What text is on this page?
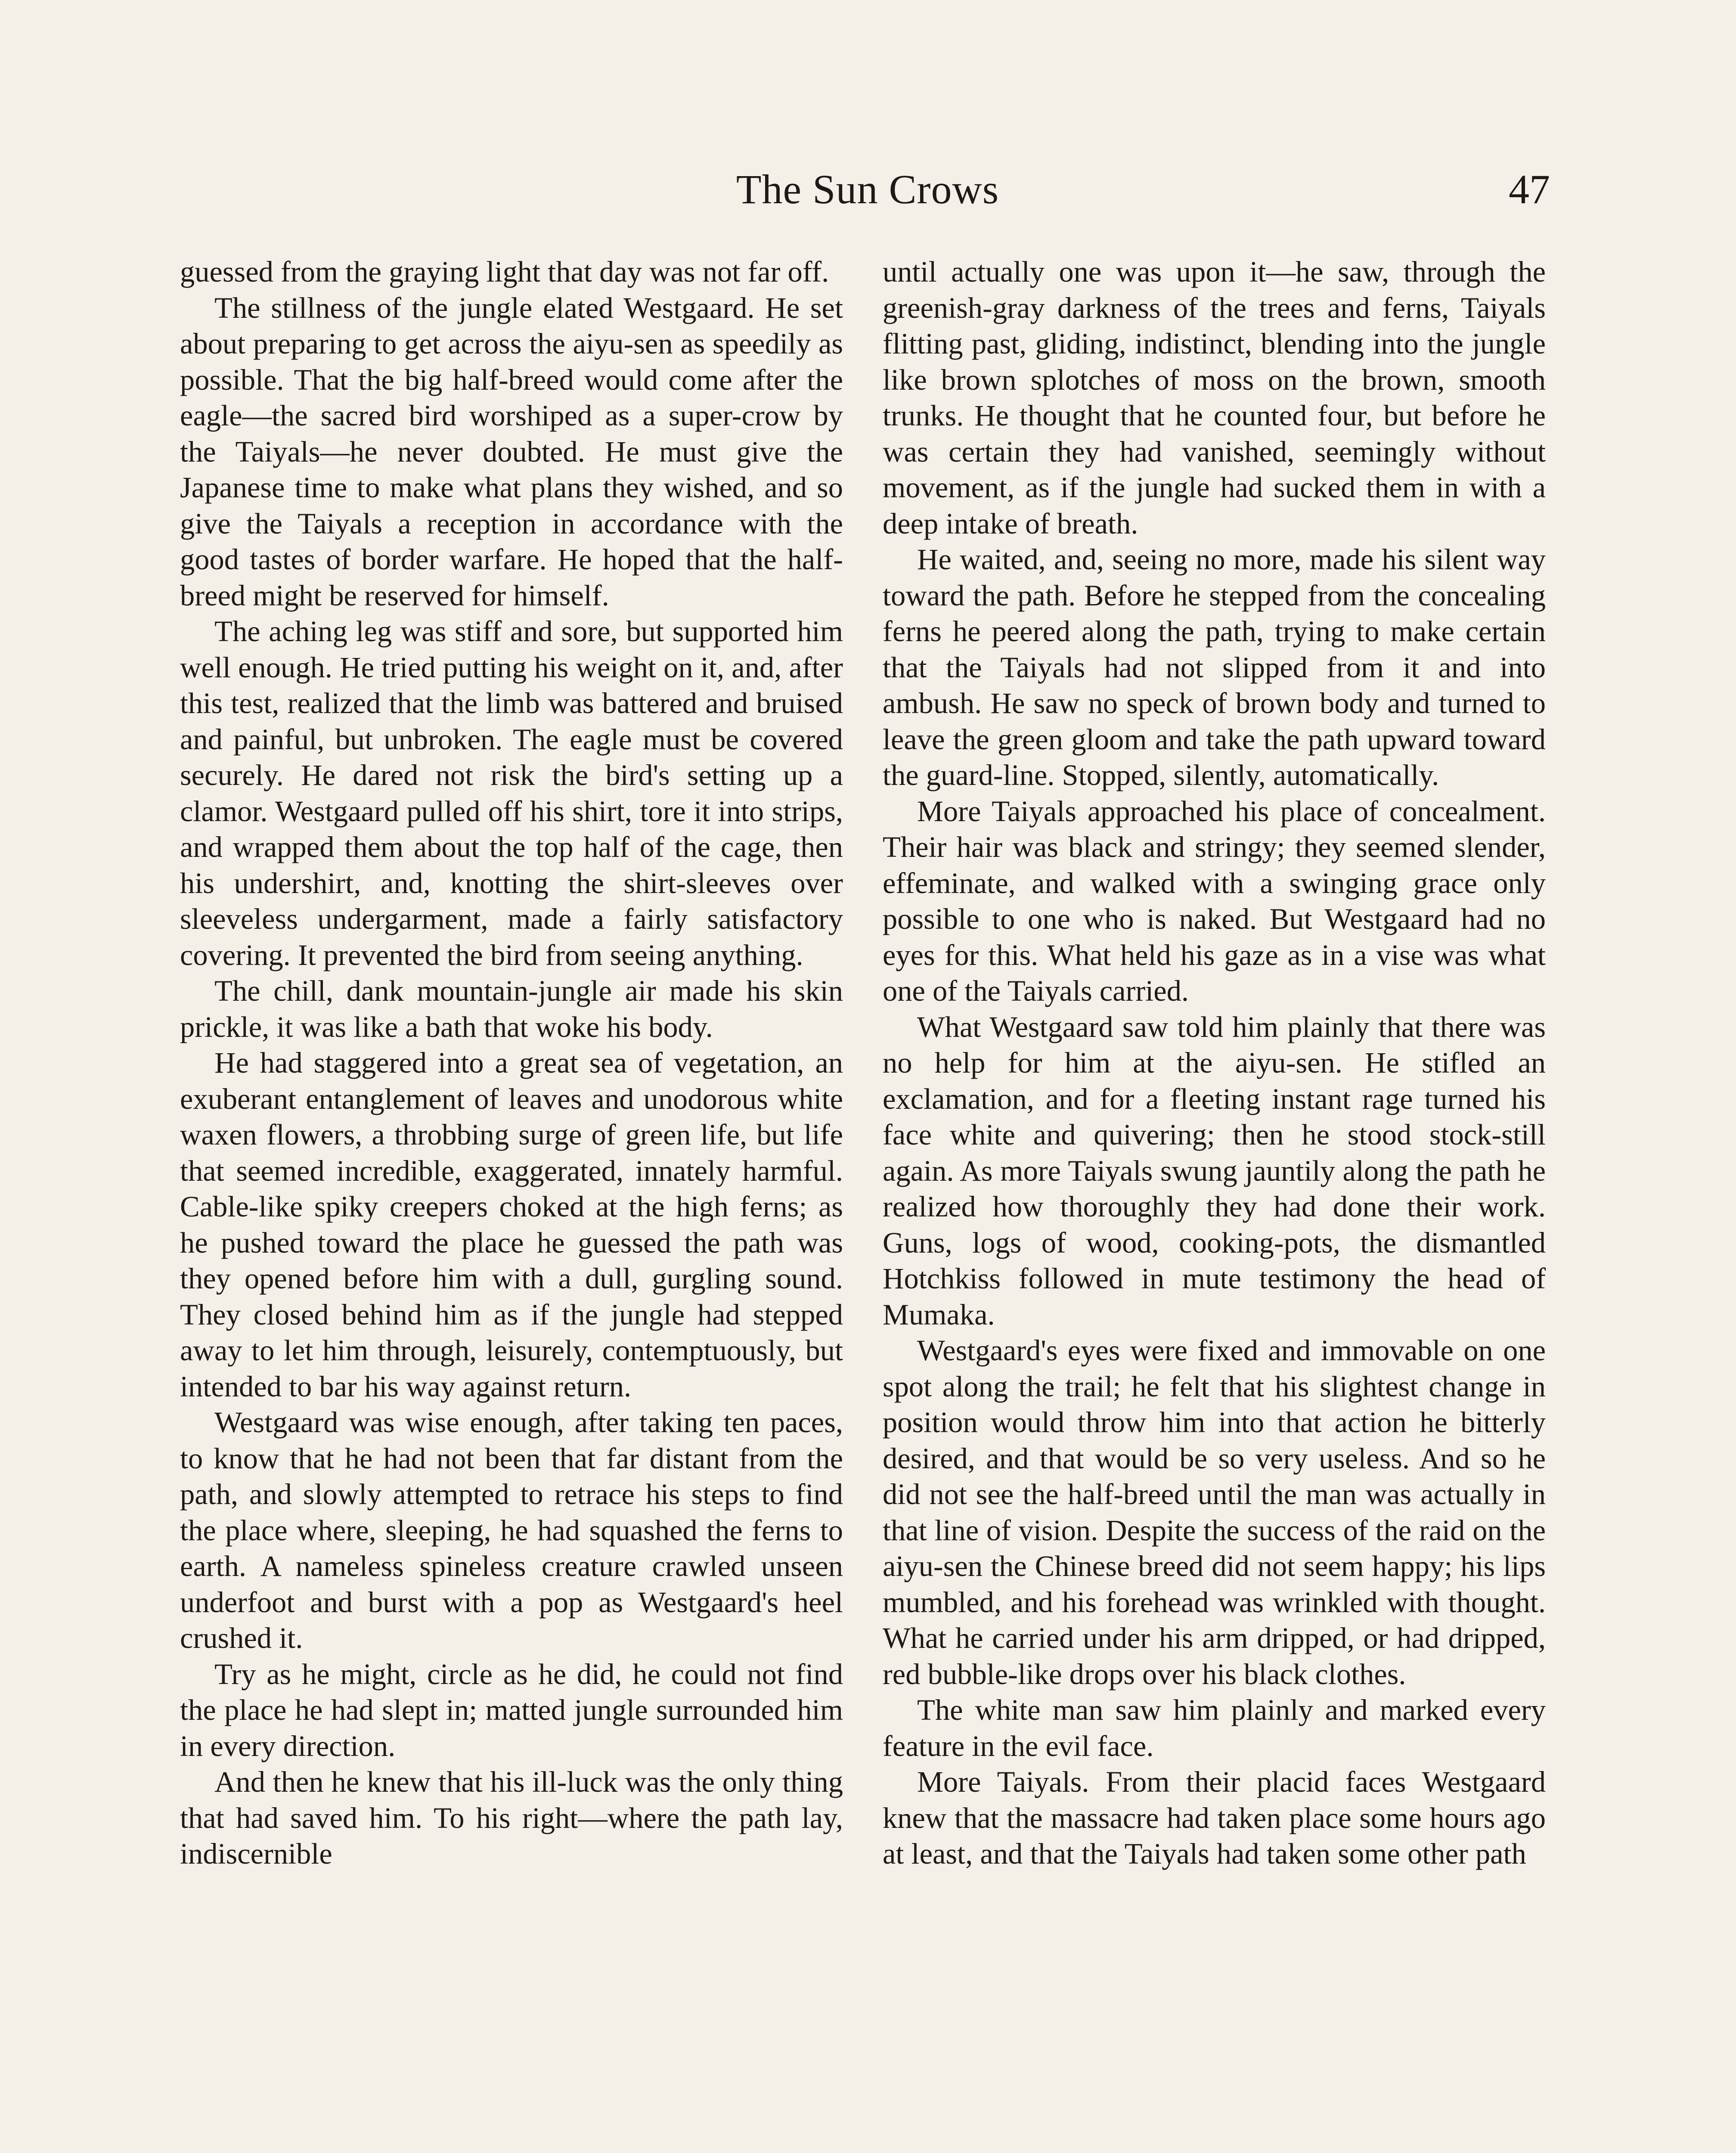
The Sun Crows	47

guessed from the graying light that day was not far off.

The stillness of the jungle elated Westgaard. He set about preparing to get across the aiyu-sen as speedily as possible. That the big half-breed would come after the eagle—the sacred bird worshiped as a super-crow by the Taiyals—he never doubted. He must give the Japanese time to make what plans they wished, and so give the Taiyals a reception in accordance with the good tastes of border warfare. He hoped that the half-breed might be reserved for himself.

The aching leg was stiff and sore, but supported him well enough. He tried putting his weight on it, and, after this test, realized that the limb was battered and bruised and painful, but unbroken. The eagle must be covered securely. He dared not risk the bird's setting up a clamor. Westgaard pulled off his shirt, tore it into strips, and wrapped them about the top half of the cage, then his undershirt, and, knotting the shirt-sleeves over sleeveless undergarment, made a fairly satisfactory covering. It prevented the bird from seeing anything.

The chill, dank mountain-jungle air made his skin prickle, it was like a bath that woke his body.

He had staggered into a great sea of vegetation, an exuberant entanglement of leaves and unodorous white waxen flowers, a throbbing surge of green life, but life that seemed incredible, exaggerated, innately harmful. Cable-like spiky creepers choked at the high ferns; as he pushed toward the place he guessed the path was they opened before him with a dull, gurgling sound. They closed behind him as if the jungle had stepped away to let him through, leisurely, contemptuously, but intended to bar his way against return.

Westgaard was wise enough, after taking ten paces, to know that he had not been that far distant from the path, and slowly attempted to retrace his steps to find the place where, sleeping, he had squashed the ferns to earth. A nameless spineless creature crawled unseen underfoot and burst with a pop as Westgaard's heel crushed it.

Try as he might, circle as he did, he could not find the place he had slept in; matted jungle surrounded him in every direction.

And then he knew that his ill-luck was the only thing that had saved him. To his right—where the path lay, indiscernible

until actually one was upon it—he saw, through the greenish-gray darkness of the trees and ferns, Taiyals flitting past, gliding, indistinct, blending into the jungle like brown splotches of moss on the brown, smooth trunks. He thought that he counted four, but before he was certain they had vanished, seemingly without movement, as if the jungle had sucked them in with a deep intake of breath.

He waited, and, seeing no more, made his silent way toward the path. Before he stepped from the concealing ferns he peered along the path, trying to make certain that the Taiyals had not slipped from it and into ambush. He saw no speck of brown body and turned to leave the green gloom and take the path upward toward the guard-line. Stopped, silently, automatically.

More Taiyals approached his place of concealment. Their hair was black and stringy; they seemed slender, effeminate, and walked with a swinging grace only possible to one who is naked. But Westgaard had no eyes for this. What held his gaze as in a vise was what one of the Taiyals carried.

What Westgaard saw told him plainly that there was no help for him at the aiyu-sen. He stifled an exclamation, and for a fleeting instant rage turned his face white and quivering; then he stood stock-still again. As more Taiyals swung jauntily along the path he realized how thoroughly they had done their work. Guns, logs of wood, cooking-pots, the dismantled Hotchkiss followed in mute testimony the head of Mumaka.

Westgaard's eyes were fixed and immovable on one spot along the trail; he felt that his slightest change in position would throw him into that action he bitterly desired, and that would be so very useless. And so he did not see the half-breed until the man was actually in that line of vision. Despite the success of the raid on the aiyu-sen the Chinese breed did not seem happy; his lips mumbled, and his forehead was wrinkled with thought. What he carried under his arm dripped, or had dripped, red bubble-like drops over his black clothes.

The white man saw him plainly and marked every feature in the evil face.

More Taiyals. From their placid faces Westgaard knew that the massacre had taken place some hours ago at least, and that the Taiyals had taken some other path
